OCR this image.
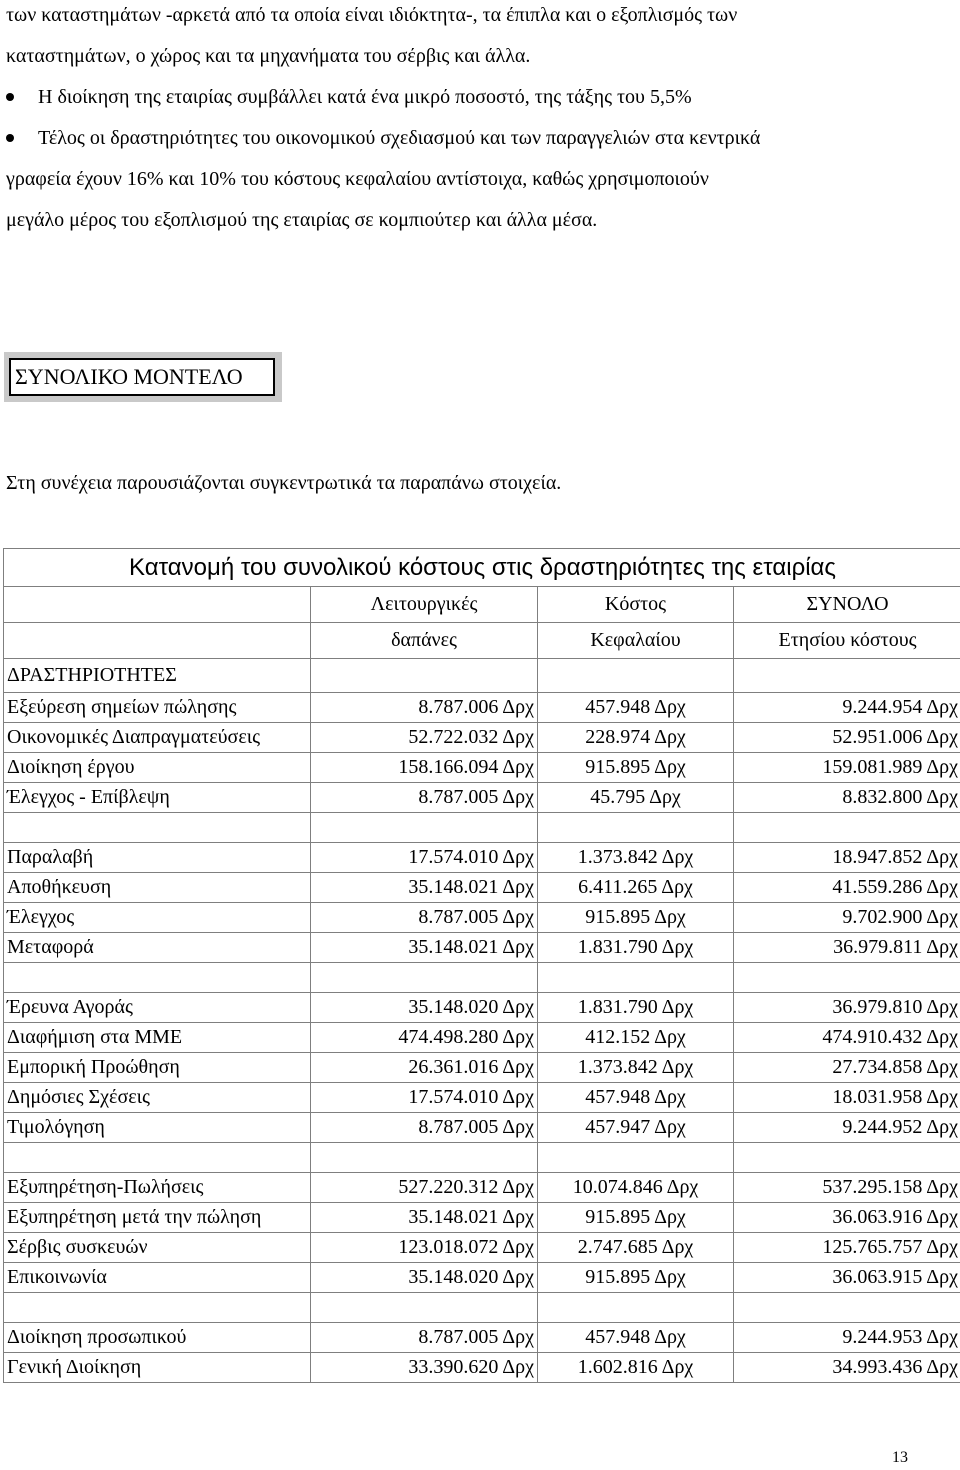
των καταστημάτων -αρκετά από τα οποία είναι ιδιόκτητα-, τα έπιπλα και ο εξοπλισμός των
καταστημάτων, ο χώρος και τα μηχανήματα του σέρβις και άλλα.
Η διοίκηση της εταιρίας συμβάλλει κατά ένα μικρό ποσοστό, της τάξης του 5,5%
Τέλος οι δραστηριότητες του οικονομικού σχεδιασμού και των παραγγελιών στα κεντρικά
γραφεία έχουν 16% και 10% του κόστους κεφαλαίου αντίστοιχα, καθώς χρησιμοποιούν
μεγάλο μέρος του εξοπλισμού της εταιρίας σε κομπιούτερ και άλλα μέσα.
ΣΥΝΟΛΙΚΟ ΜΟΝΤΕΛΟ
Στη συνέχεια παρουσιάζονται συγκεντρωτικά τα παραπάνω στοιχεία.
Κατανομή του συνολικού κόστους στις δραστηριότητες της εταιρίας			
	Λειτουργικές	Κόστος	ΣΥΝΟΛΟ
	δαπάνες	Κεφαλαίου	Ετησίου κόστους
ΔΡΑΣΤΗΡΙΟΤΗΤΕΣ			
Εξεύρεση σημείων πώλησης	8.787.006 Δρχ	457.948 Δρχ	9.244.954 Δρχ
Οικονομικές Διαπραγματεύσεις	52.722.032 Δρχ	228.974 Δρχ	52.951.006 Δρχ
Διοίκηση έργου	158.166.094 Δρχ	915.895 Δρχ	159.081.989 Δρχ
Έλεγχος - Επίβλεψη	8.787.005 Δρχ	45.795 Δρχ	8.832.800 Δρχ

Παραλαβή	17.574.010 Δρχ	1.373.842 Δρχ	18.947.852 Δρχ
Αποθήκευση	35.148.021 Δρχ	6.411.265 Δρχ	41.559.286 Δρχ
Έλεγχος	8.787.005 Δρχ	915.895 Δρχ	9.702.900 Δρχ
Μεταφορά	35.148.021 Δρχ	1.831.790 Δρχ	36.979.811 Δρχ

Έρευνα Αγοράς	35.148.020 Δρχ	1.831.790 Δρχ	36.979.810 Δρχ
Διαφήμιση στα ΜΜΕ	474.498.280 Δρχ	412.152 Δρχ	474.910.432 Δρχ
Εμπορική Προώθηση	26.361.016 Δρχ	1.373.842 Δρχ	27.734.858 Δρχ
Δημόσιες Σχέσεις	17.574.010 Δρχ	457.948 Δρχ	18.031.958 Δρχ
Τιμολόγηση	8.787.005 Δρχ	457.947 Δρχ	9.244.952 Δρχ

Εξυπηρέτηση-Πωλήσεις	527.220.312 Δρχ	10.074.846 Δρχ	537.295.158 Δρχ
Εξυπηρέτηση μετά την πώληση	35.148.021 Δρχ	915.895 Δρχ	36.063.916 Δρχ
Σέρβις συσκευών	123.018.072 Δρχ	2.747.685 Δρχ	125.765.757 Δρχ
Επικοινωνία	35.148.020 Δρχ	915.895 Δρχ	36.063.915 Δρχ

Διοίκηση προσωπικού	8.787.005 Δρχ	457.948 Δρχ	9.244.953 Δρχ
Γενική Διοίκηση	33.390.620 Δρχ	1.602.816 Δρχ	34.993.436 Δρχ
13
